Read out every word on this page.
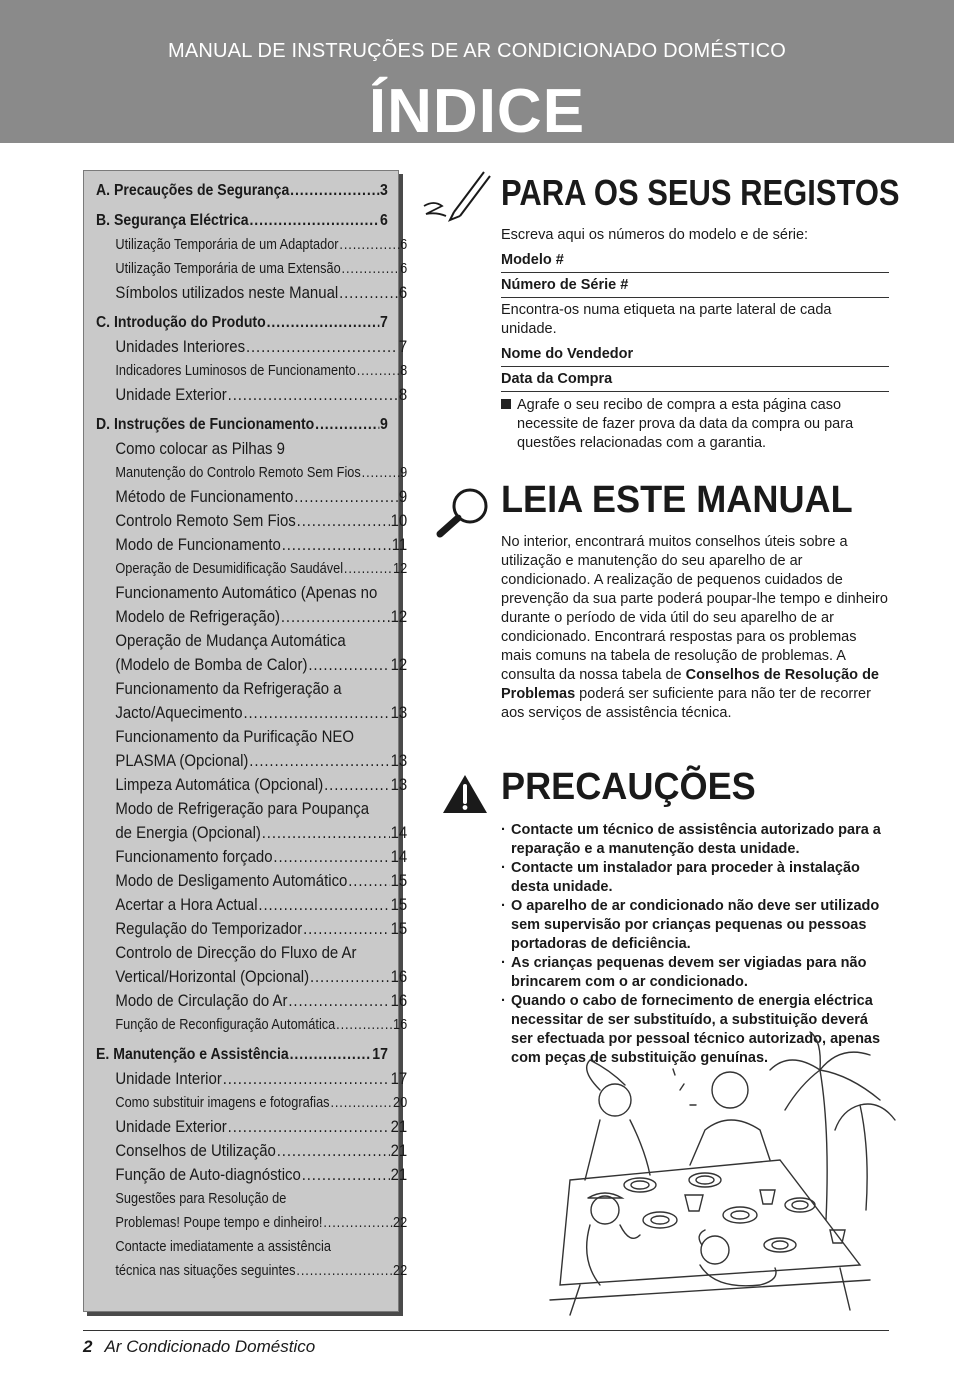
MANUAL DE INSTRUÇÕES DE AR CONDICIONADO DOMÉSTICO
ÍNDICE
A. Precauções de Segurança .....	3
B. Segurança Eléctrica .....	6
Utilização Temporária de um Adaptador .....	6
Utilização Temporária de uma Extensão .....	6
Símbolos utilizados neste Manual .....	6
C. Introdução do Produto .....	7
Unidades Interiores .....	7
Indicadores Luminosos de Funcionamento .....	8
Unidade Exterior .....	8
D. Instruções de Funcionamento .....	9
Como colocar as Pilhas 9
Manutenção do Controlo Remoto Sem Fios .....	9
Método de Funcionamento .....	9
Controlo Remoto Sem Fios .....	10
Modo de Funcionamento .....	11
Operação de Desumidificação Saudável .....	12
Funcionamento Automático (Apenas no
Modelo de Refrigeração) .....	12
Operação de Mudança Automática
(Modelo de Bomba de Calor) .....	12
Funcionamento da Refrigeração a
Jacto/Aquecimento .....	13
Funcionamento da Purificação NEO
PLASMA (Opcional) .....	13
Limpeza Automática (Opcional) .....	13
Modo de Refrigeração para Poupança
de Energia (Opcional) .....	14
Funcionamento forçado .....	14
Modo de Desligamento Automático .....	15
Acertar a Hora Actual .....	15
Regulação do Temporizador .....	15
Controlo de Direcção do Fluxo de Ar
Vertical/Horizontal (Opcional) .....	16
Modo de Circulação do Ar .....	16
Função de Reconfiguração Automática .....	16
E. Manutenção e Assistência .....	17
Unidade Interior .....	17
Como substituir imagens e fotografias .....	20
Unidade Exterior .....	21
Conselhos de Utilização .....	21
Função de Auto-diagnóstico .....	21
Sugestões para Resolução de
Problemas! Poupe tempo e dinheiro! .....	22
Contacte imediatamente a assistência
técnica nas situações seguintes .....	22
PARA OS SEUS REGISTOS
Escreva aqui os números do modelo e de série:
Modelo #
Número de Série #
Encontra-os numa etiqueta na parte lateral de cada unidade.
Nome do Vendedor
Data da Compra
Agrafe o seu recibo de compra a esta página caso
necessite de fazer prova da data da compra ou para questões relacionadas com a garantia.
LEIA ESTE MANUAL
No interior, encontrará muitos conselhos úteis sobre a utilização e manutenção do seu aparelho de ar condicionado. A realização de pequenos cuidados de prevenção da sua parte poderá poupar-lhe tempo e dinheiro durante o período de vida útil do seu aparelho de ar condicionado. Encontrará respostas para os problemas mais comuns na tabela de resolução de problemas. A consulta da nossa tabela de Conselhos de Resolução de Problemas poderá ser suficiente para não ter de recorrer aos serviços de assistência técnica.
PRECAUÇÕES
· Contacte um técnico de assistência autorizado para a reparação e a manutenção desta unidade.
· Contacte um instalador para proceder à instalação desta unidade.
· O aparelho de ar condicionado não deve ser utilizado sem supervisão por crianças pequenas ou pessoas portadoras de deficiência.
· As crianças pequenas devem ser vigiadas para não brincarem com o ar condicionado.
· Quando o cabo de fornecimento de energia eléctrica necessitar de ser substituído, a substituição deverá ser efectuada por pessoal técnico autorizado, apenas com peças de substituição genuínas.
2 Ar Condicionado Doméstico
